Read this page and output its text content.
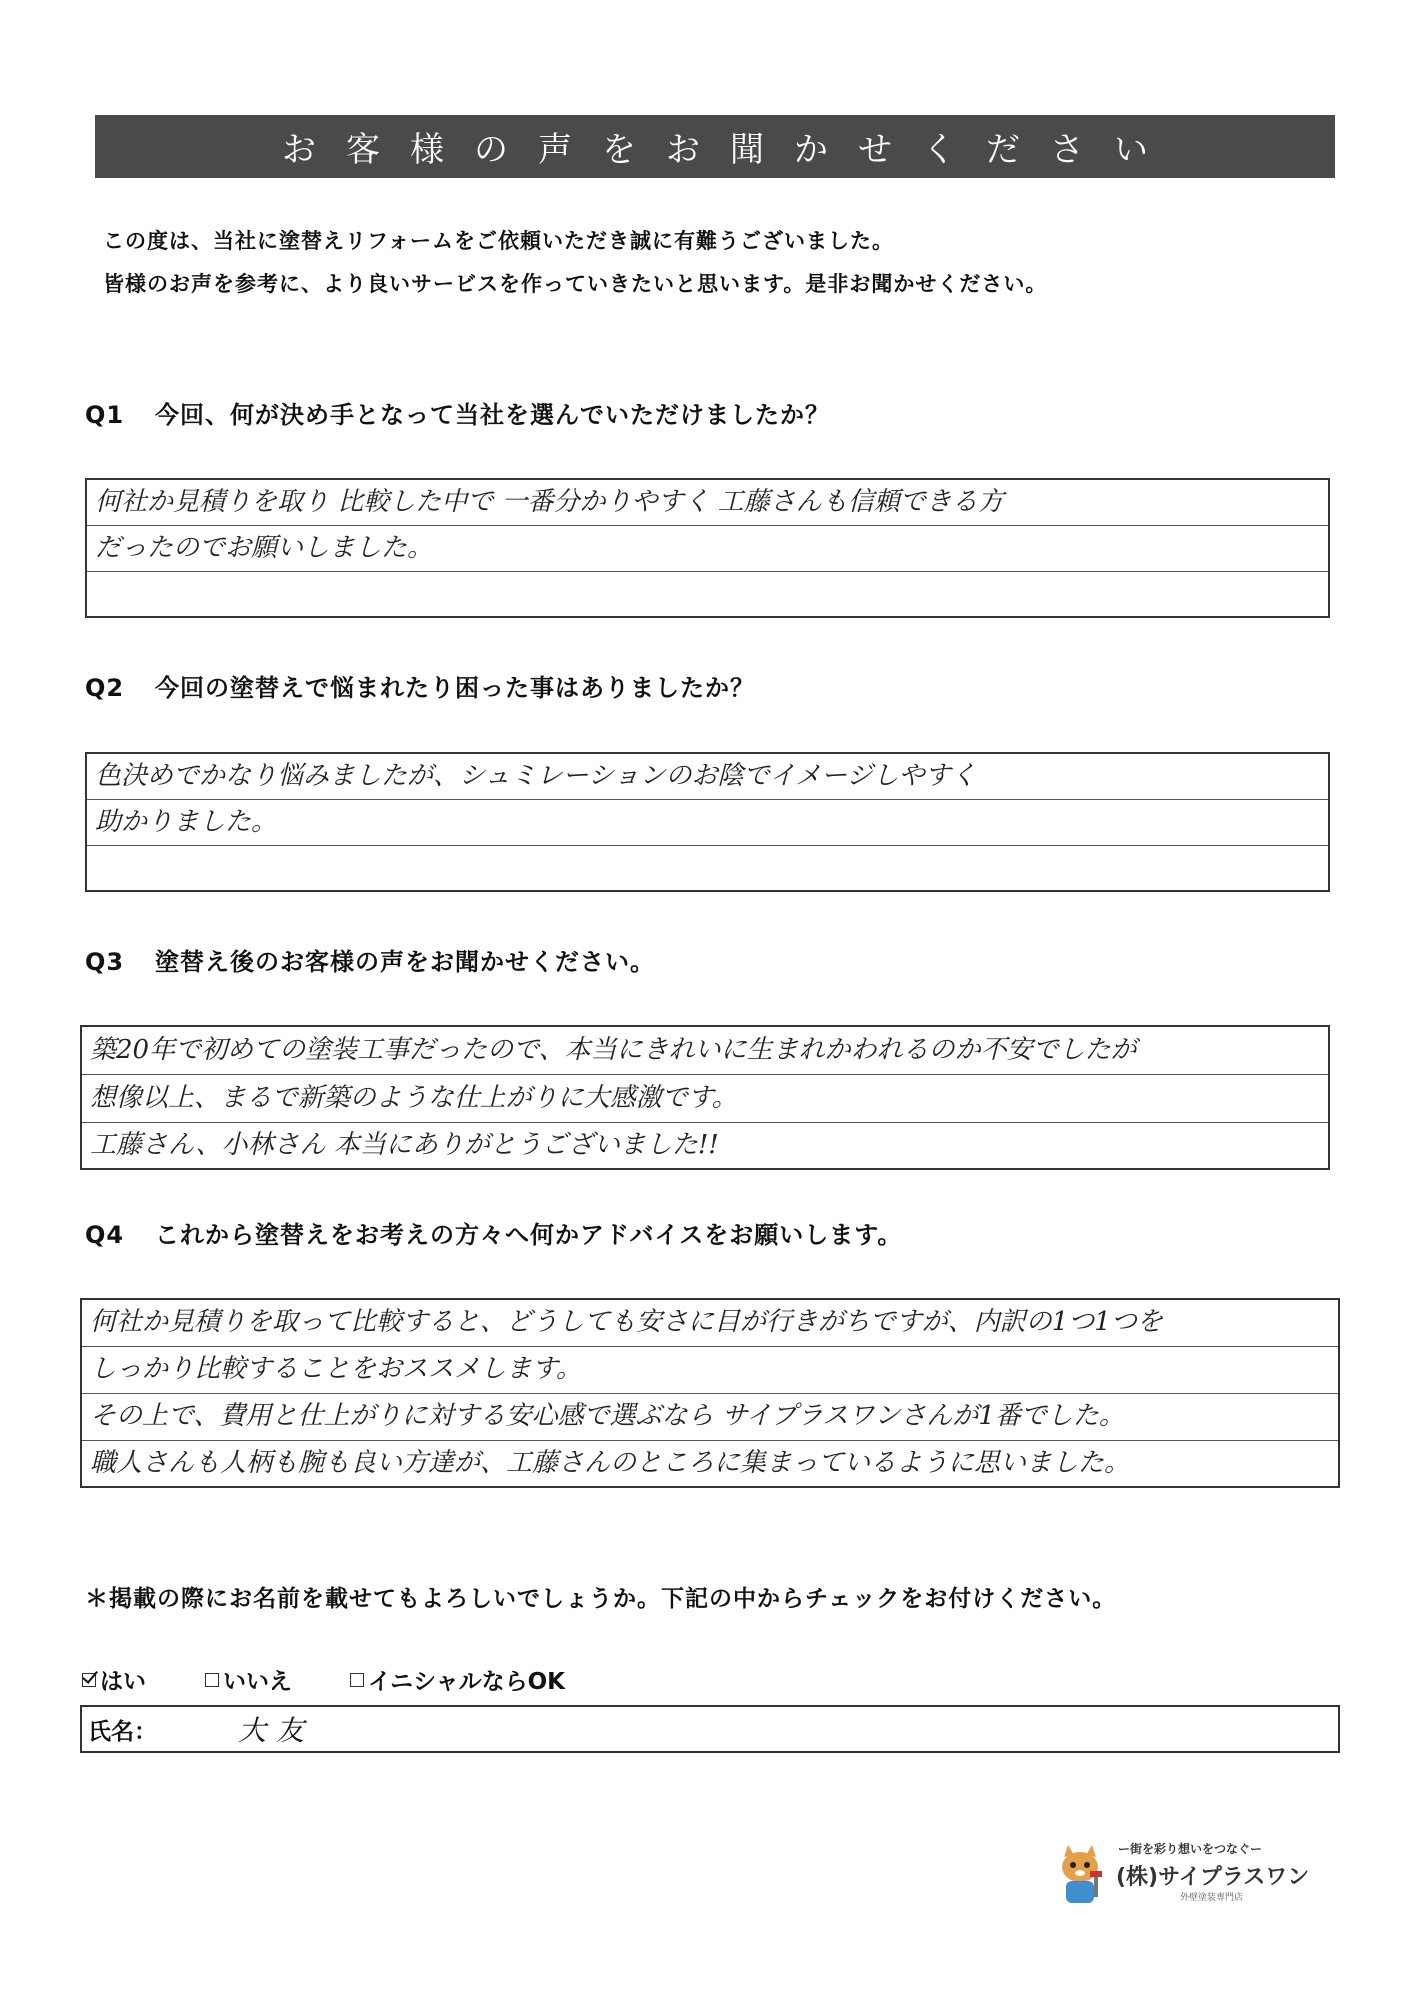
お客様の声をお聞かせください
この度は、当社に塗替えリフォームをご依頼いただき誠に有難うございました。
皆様のお声を参考に、より良いサービスを作っていきたいと思います。是非お聞かせください。
Q1 今回、何が決め手となって当社を選んでいただけましたか？
何社か見積りを取り 比較した中で 一番分かりやすく 工藤さんも信頼できる方
だったのでお願いしました。
Q2 今回の塗替えで悩まれたり困った事はありましたか？
色決めでかなり悩みましたが、シュミレーションのお陰でイメージしやすく
助かりました。
Q3 塗替え後のお客様の声をお聞かせください。
築20年で初めての塗装工事だったので、本当にきれいに生まれかわれるのか不安でしたが
想像以上、まるで新築のような仕上がりに大感激です。
工藤さん、小林さん 本当にありがとうございました!!
Q4 これから塗替えをお考えの方々へ何かアドバイスをお願いします。
何社か見積りを取って比較すると、どうしても安さに目が行きがちですが、内訳の1つ1つを
しっかり比較することをおススメします。
その上で、費用と仕上がりに対する安心感で選ぶなら サイプラスワンさんが1番でした。
職人さんも人柄も腕も良い方達が、工藤さんのところに集まっているように思いました。
＊掲載の際にお名前を載せてもよろしいでしょうか。下記の中からチェックをお付けください。
はい	いいえ	イニシャルならOK
氏名：	大友
ー街を彩り想いをつなぐー
(株)サイプラスワン
外壁塗装専門店
